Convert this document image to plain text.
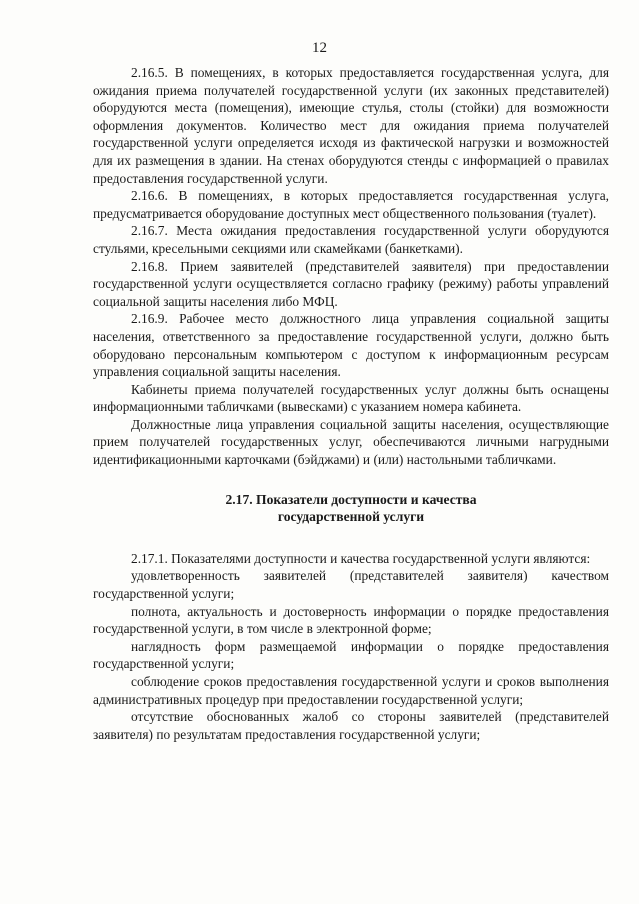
12

2.16.5. В помещениях, в которых предоставляется государственная услуга, для ожидания приема получателей государственной услуги (их законных представителей) оборудуются места (помещения), имеющие стулья, столы (стойки) для возможности оформления документов. Количество мест для ожидания приема получателей государственной услуги определяется исходя из фактической нагрузки и возможностей для их размещения в здании. На стенах оборудуются стенды с информацией о правилах предоставления государственной услуги.

2.16.6. В помещениях, в которых предоставляется государственная услуга, предусматривается оборудование доступных мест общественного пользования (туалет).

2.16.7. Места ожидания предоставления государственной услуги оборудуются стульями, кресельными секциями или скамейками (банкетками).

2.16.8. Прием заявителей (представителей заявителя) при предоставлении государственной услуги осуществляется согласно графику (режиму) работы управлений социальной защиты населения либо МФЦ.

2.16.9. Рабочее место должностного лица управления социальной защиты населения, ответственного за предоставление государственной услуги, должно быть оборудовано персональным компьютером с доступом к информационным ресурсам управления социальной защиты населения.

Кабинеты приема получателей государственных услуг должны быть оснащены информационными табличками (вывесками) с указанием номера кабинета.

Должностные лица управления социальной защиты населения, осуществляющие прием получателей государственных услуг, обеспечиваются личными нагрудными идентификационными карточками (бэйджами) и (или) настольными табличками.

2.17. Показатели доступности и качества
государственной услуги

2.17.1. Показателями доступности и качества государственной услуги являются:

удовлетворенность заявителей (представителей заявителя) качеством государственной услуги;

полнота, актуальность и достоверность информации о порядке предоставления государственной услуги, в том числе в электронной форме;

наглядность форм размещаемой информации о порядке предоставления государственной услуги;

соблюдение сроков предоставления государственной услуги и сроков выполнения административных процедур при предоставлении государственной услуги;

отсутствие обоснованных жалоб со стороны заявителей (представителей заявителя) по результатам предоставления государственной услуги;
